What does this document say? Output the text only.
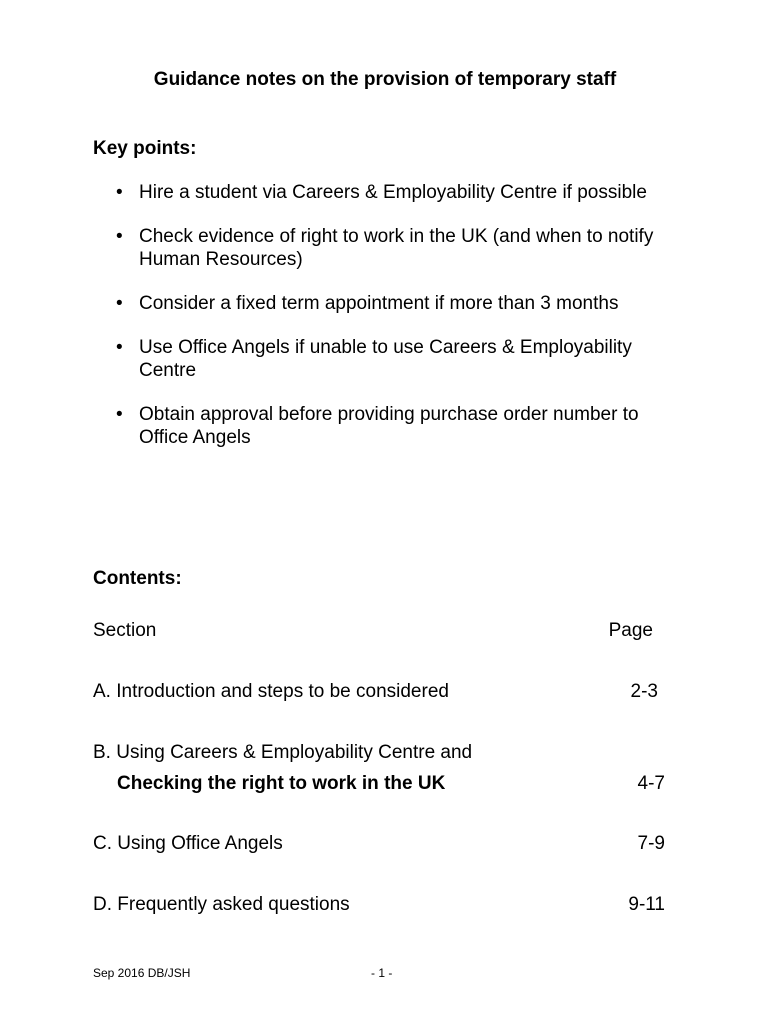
Guidance notes on the provision of temporary staff
Key points:
• Hire a student via Careers & Employability Centre if possible
• Check evidence of right to work in the UK (and when to notify Human Resources)
• Consider a fixed term appointment if more than 3 months
• Use Office Angels if unable to use Careers & Employability Centre
• Obtain approval before providing purchase order number to Office Angels
Contents:
Section	Page
A. Introduction and steps to be considered	2-3
B. Using Careers & Employability Centre and
Checking the right to work in the UK	4-7
C. Using Office Angels	7-9
D. Frequently asked questions	9-11
Sep 2016 DB/JSH	- 1 -
